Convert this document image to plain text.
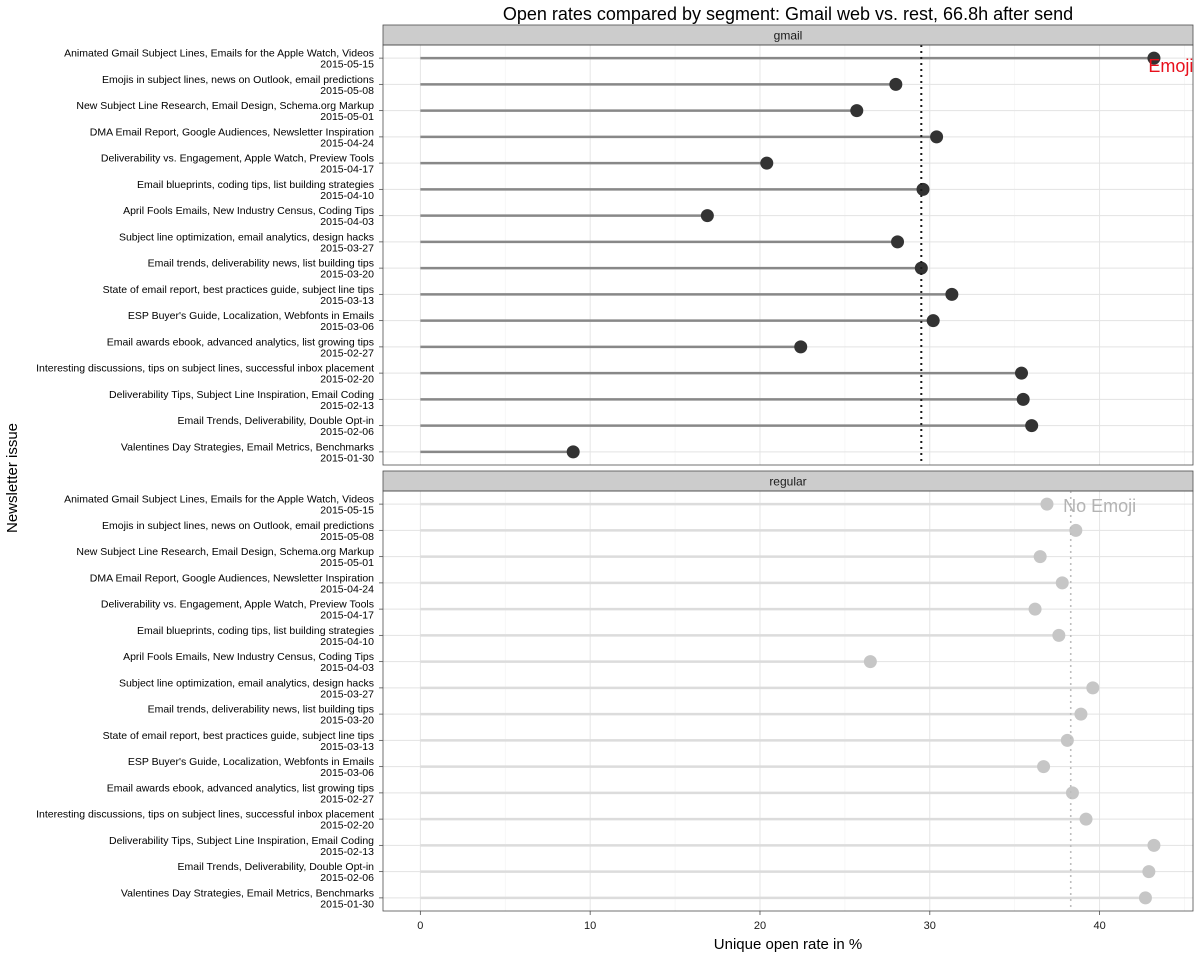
Open rates compared by segment: Gmail web vs. rest, 66.8h after send
gmail
Emoji
Animated Gmail Subject Lines, Emails for the Apple Watch, Videos
2015-05-15
Emojis in subject lines, news on Outlook, email predictions
2015-05-08
New Subject Line Research, Email Design, Schema.org Markup
2015-05-01
DMA Email Report, Google Audiences, Newsletter Inspiration
2015-04-24
Deliverability vs. Engagement, Apple Watch, Preview Tools
2015-04-17
Email blueprints, coding tips, list building strategies
2015-04-10
April Fools Emails, New Industry Census, Coding Tips
2015-04-03
Subject line optimization, email analytics, design hacks
2015-03-27
Email trends, deliverability news, list building tips
2015-03-20
State of email report, best practices guide, subject line tips
2015-03-13
ESP Buyer's Guide, Localization, Webfonts in Emails
2015-03-06
Email awards ebook, advanced analytics, list growing tips
2015-02-27
Interesting discussions, tips on subject lines, successful inbox placement
2015-02-20
Deliverability Tips, Subject Line Inspiration, Email Coding
2015-02-13
Email Trends, Deliverability, Double Opt-in
2015-02-06
Valentines Day Strategies, Email Metrics, Benchmarks
2015-01-30
regular
No Emoji
Animated Gmail Subject Lines, Emails for the Apple Watch, Videos
2015-05-15
Emojis in subject lines, news on Outlook, email predictions
2015-05-08
New Subject Line Research, Email Design, Schema.org Markup
2015-05-01
DMA Email Report, Google Audiences, Newsletter Inspiration
2015-04-24
Deliverability vs. Engagement, Apple Watch, Preview Tools
2015-04-17
Email blueprints, coding tips, list building strategies
2015-04-10
April Fools Emails, New Industry Census, Coding Tips
2015-04-03
Subject line optimization, email analytics, design hacks
2015-03-27
Email trends, deliverability news, list building tips
2015-03-20
State of email report, best practices guide, subject line tips
2015-03-13
ESP Buyer's Guide, Localization, Webfonts in Emails
2015-03-06
Email awards ebook, advanced analytics, list growing tips
2015-02-27
Interesting discussions, tips on subject lines, successful inbox placement
2015-02-20
Deliverability Tips, Subject Line Inspiration, Email Coding
2015-02-13
Email Trends, Deliverability, Double Opt-in
2015-02-06
Valentines Day Strategies, Email Metrics, Benchmarks
2015-01-30
0	10	20	30	40
Unique open rate in %
Newsletter issue
